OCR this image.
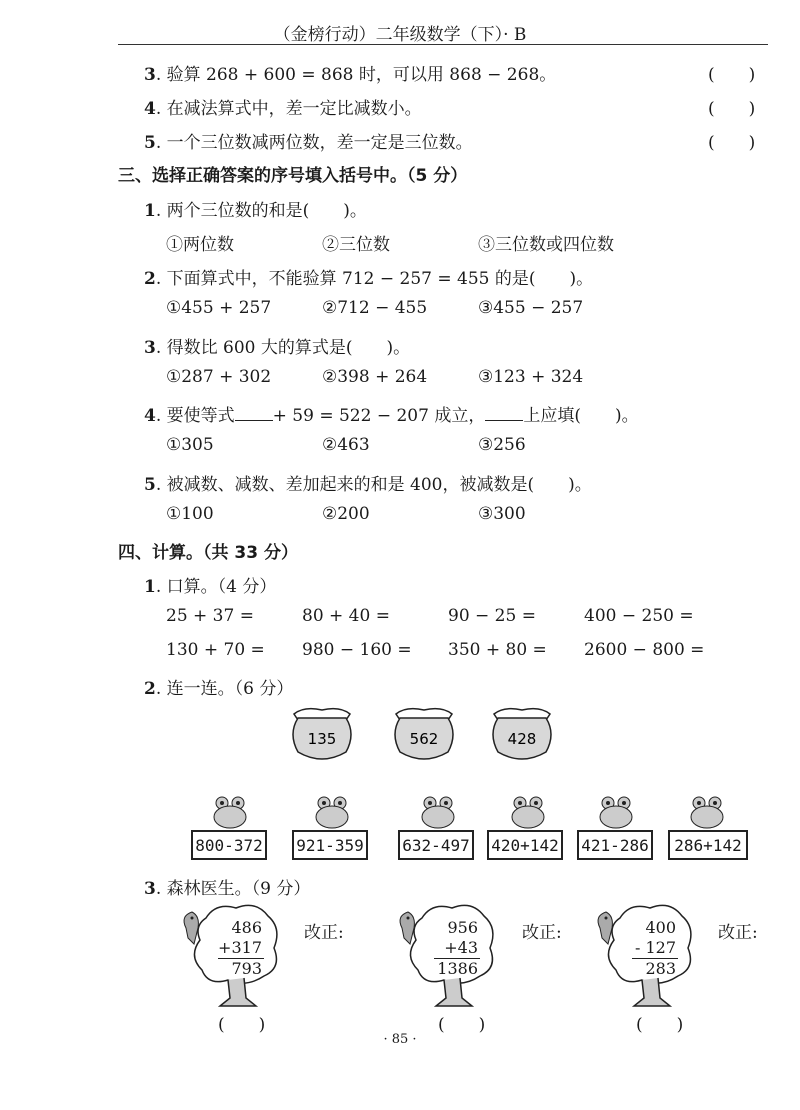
（金榜行动）二年级数学（下）· B
3. 验算 268 + 600 = 868 时，可以用 868 − 268。	(　　)
4. 在减法算式中，差一定比减数小。	(　　)
5. 一个三位数减两位数，差一定是三位数。	(　　)
三、选择正确答案的序号填入括号中。（5 分）
1. 两个三位数的和是(　　)。
①两位数	②三位数	③三位数或四位数
2. 下面算式中，不能验算 712 − 257 = 455 的是(　　)。
①455 + 257	②712 − 455	③455 − 257
3. 得数比 600 大的算式是(　　)。
①287 + 302	②398 + 264	③123 + 324
4. 要使等式 + 59 = 522 − 207 成立， 上应填(　　)。
①305	②463	③256
5. 被减数、减数、差加起来的和是 400，被减数是(　　)。
①100	②200	③300
四、计算。（共 33 分）
1. 口算。（4 分）
25 + 37 =	80 + 40 =	90 − 25 =	400 − 250 =
130 + 70 = 980 − 160 = 350 + 80 = 2600 − 800 =
2. 连一连。（6 分）
135	562	428
800-372 921-359 632-497 420+142 421-286	286+142
3. 森林医生。（9 分）
486
+317
793
956
+43
1386
400
- 127
283
改正:	改正:	改正:
(　　)	(　　)	(　　)
· 85 ·
